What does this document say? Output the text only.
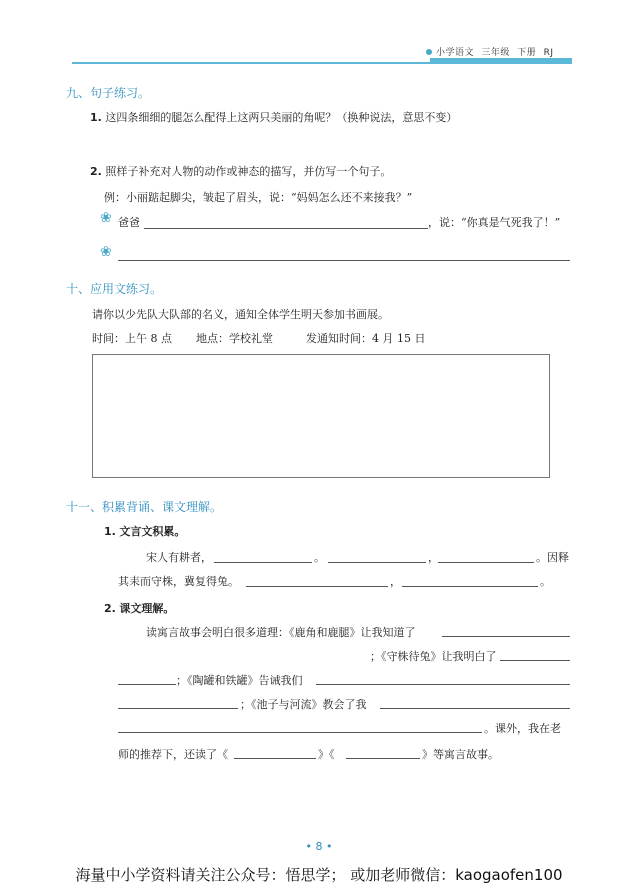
小学语文 三年级 下册 RJ
九、句子练习。
1. 这四条细细的腿怎么配得上这两只美丽的角呢？（换种说法，意思不变）
2. 照样子补充对人物的动作或神态的描写，并仿写一个句子。
例：小丽踮起脚尖，皱起了眉头，说：“妈妈怎么还不来接我？”
❀ 爸爸	，说：“你真是气死我了！”
❀
十、应用文练习。
请你以少先队大队部的名义，通知全体学生明天参加书画展。
时间：上午 8 点 地点：学校礼堂	发通知时间：4 月 15 日
十一、积累背诵、课文理解。
1. 文言文积累。
宋人有耕者，	。	，	。因释
其耒而守株，冀复得兔。	，	。
2. 课文理解。
读寓言故事会明白很多道理：《鹿角和鹿腿》让我知道了
；《守株待兔》让我明白了
；《陶罐和铁罐》告诫我们
；《池子与河流》教会了我
。课外，我在老
师的推荐下，还读了《	》《	》等寓言故事。
• 8 •
海量中小学资料请关注公众号：悟思学； 或加老师微信：kaogaofen100
